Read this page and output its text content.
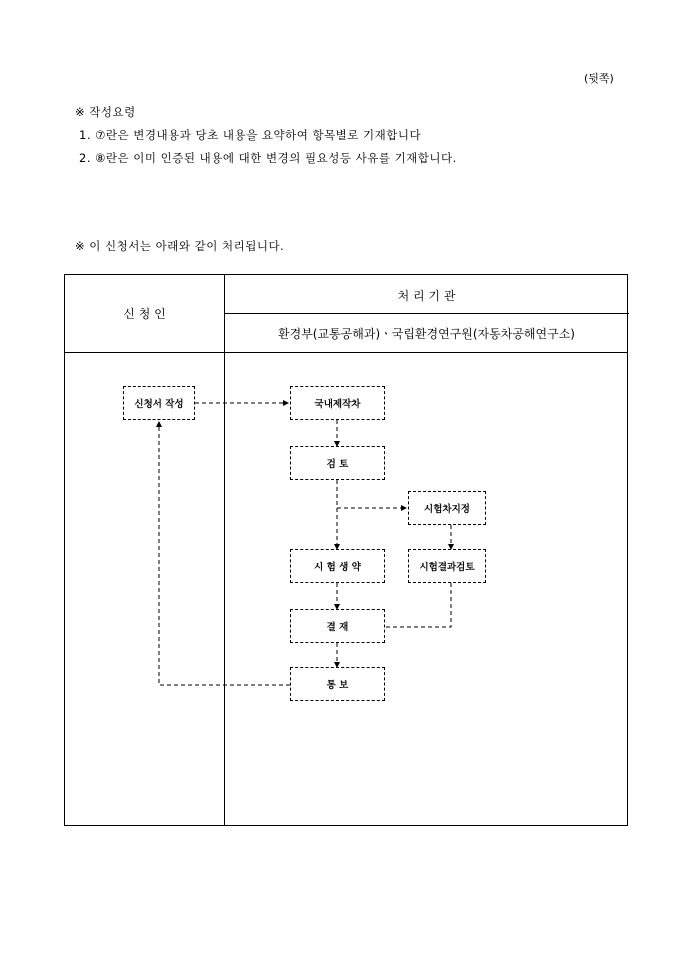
(뒷쪽)
※ 작성요령
1. ⑦란은 변경내용과 당초 내용을 요약하여 항목별로 기재합니다
2. ⑧란은 이미 인증된 내용에 대한 변경의 필요성등 사유를 기재합니다.
※ 이 신청서는 아래와 같이 처리됩니다.
신 청 인
처 리 기 관
환경부(교통공해과)ㆍ국립환경연구원(자동차공해연구소)
신청서 작성	국내제작차
검 토
시험차지정
시 험 생 약	시험결과검토
결 재
통 보
